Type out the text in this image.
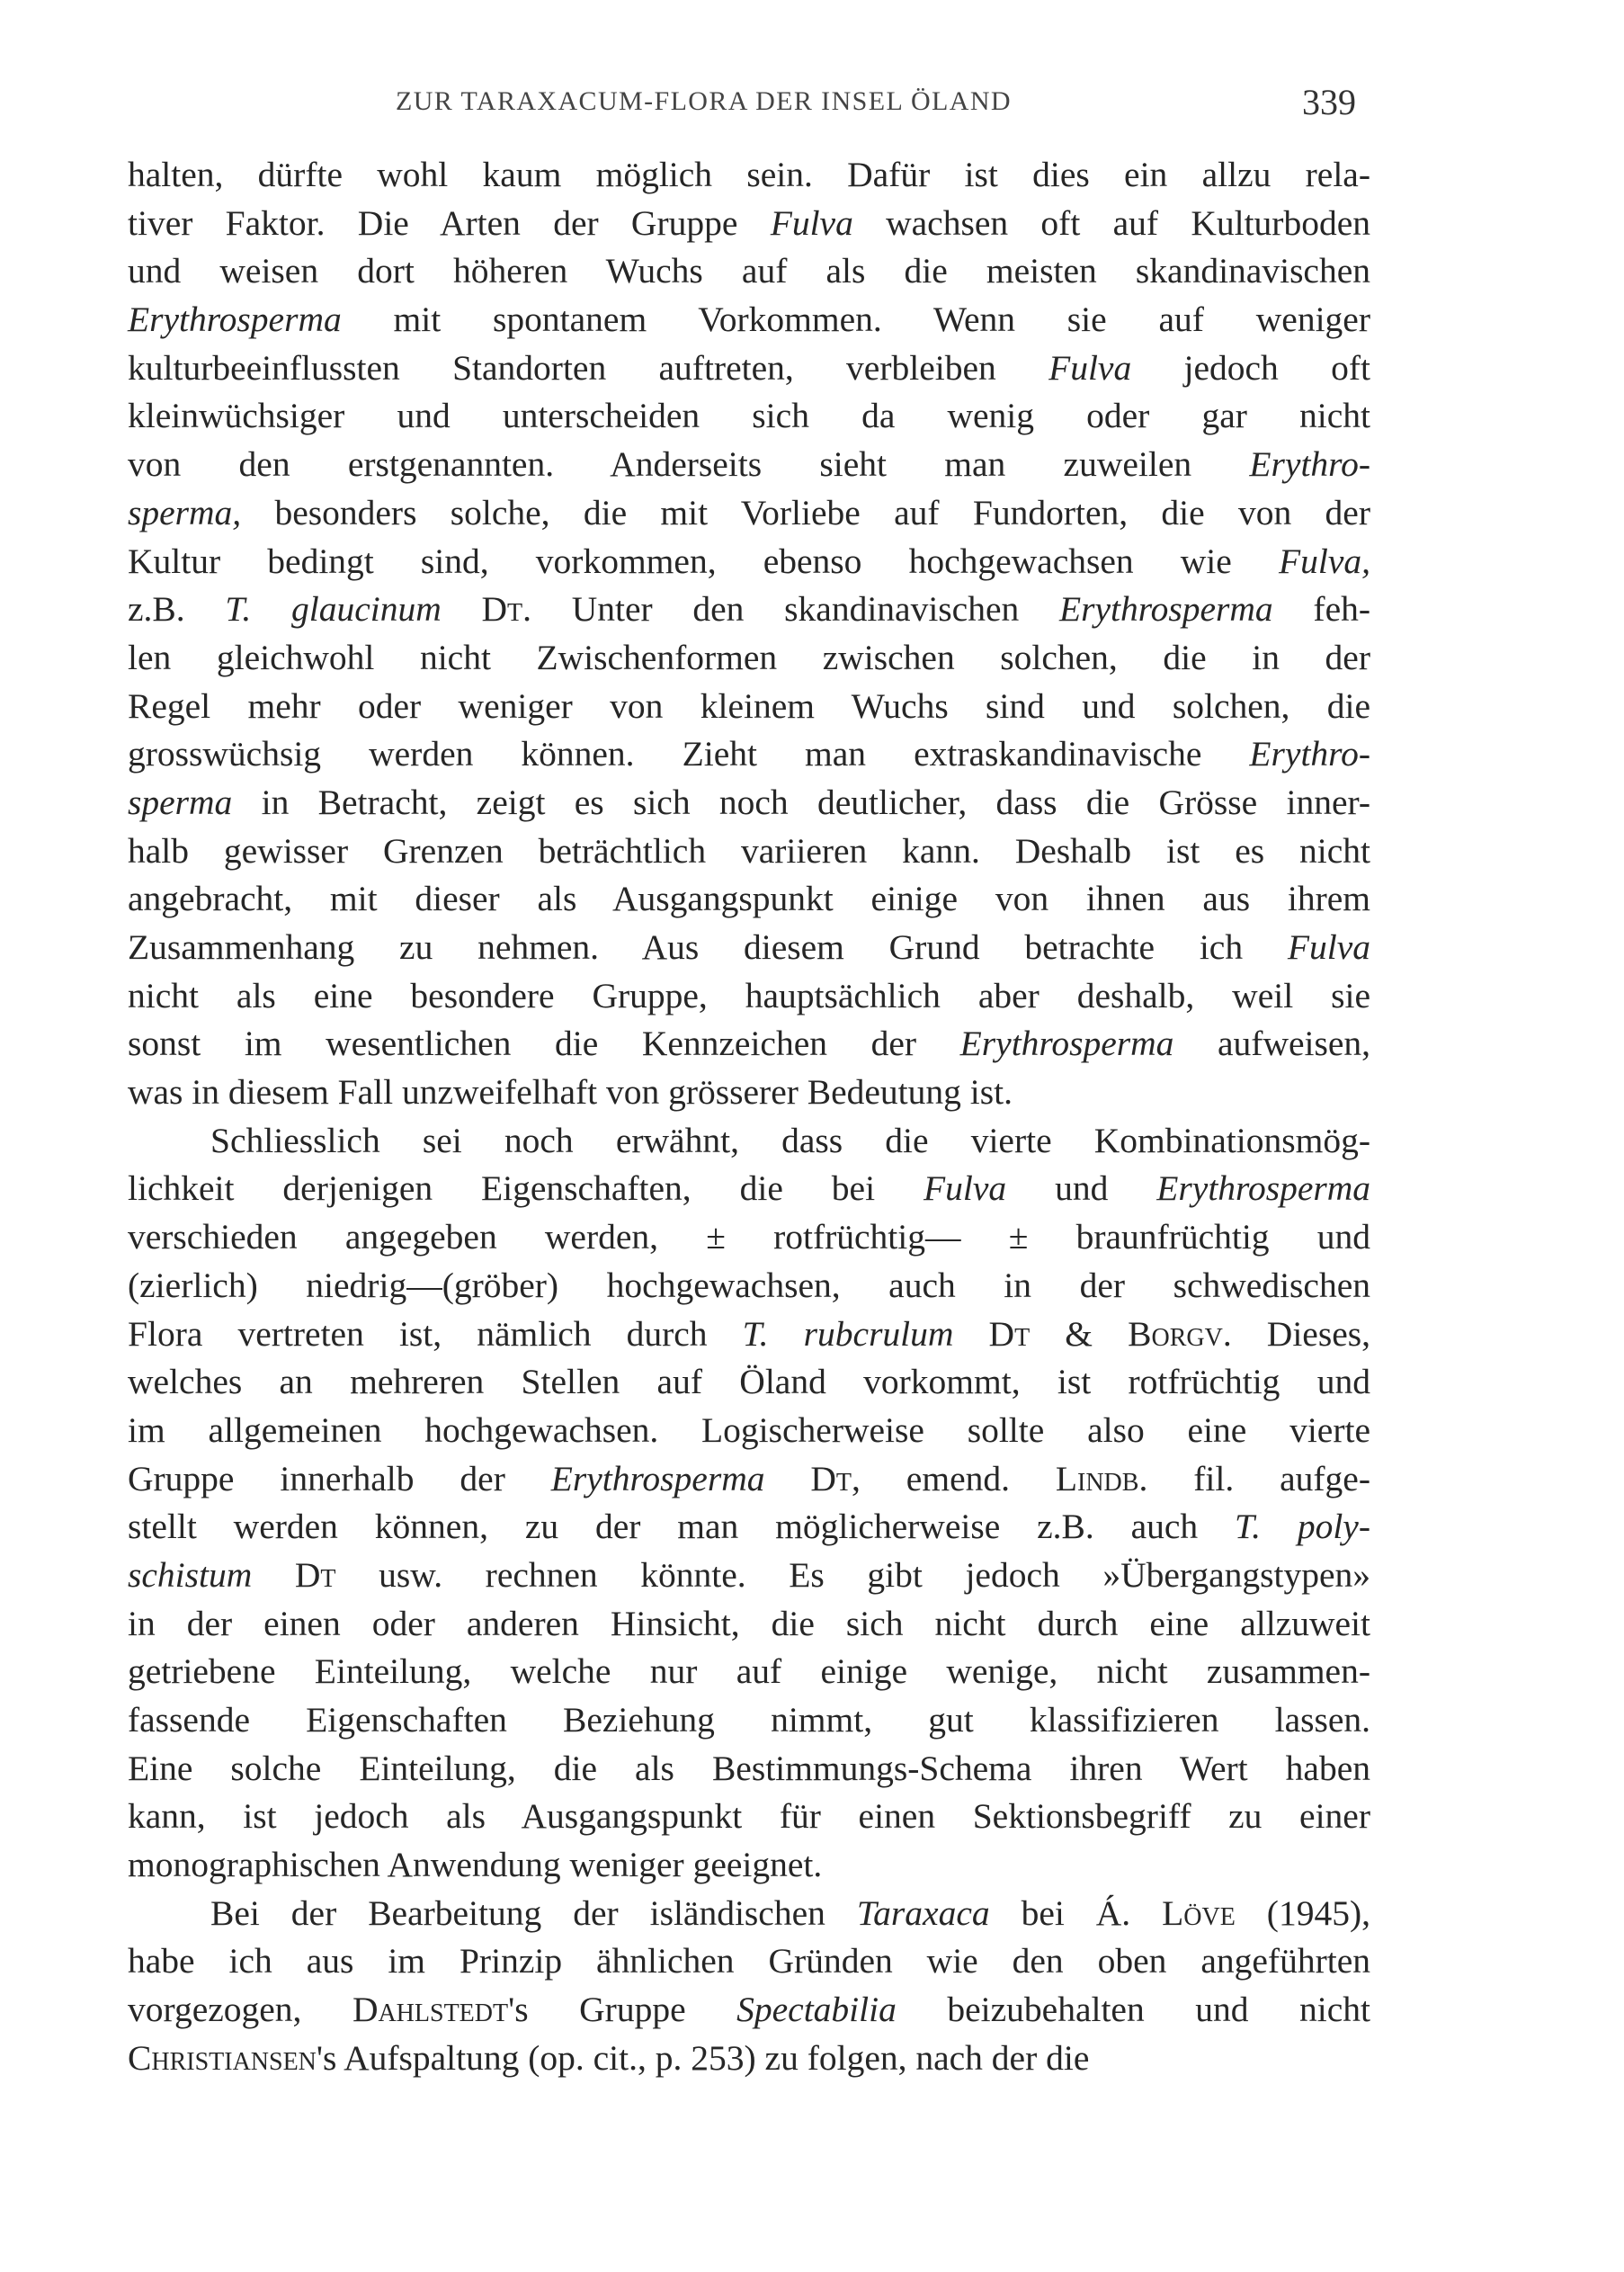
ZUR TARAXACUM-FLORA DER INSEL ÖLAND	339
halten, dürfte wohl kaum möglich sein. Dafür ist dies ein allzu rela-
tiver Faktor. Die Arten der Gruppe Fulva wachsen oft auf Kulturboden
und weisen dort höheren Wuchs auf als die meisten skandinavischen
Erythrosperma mit spontanem Vorkommen. Wenn sie auf weniger
kulturbeeinflussten Standorten auftreten, verbleiben Fulva jedoch oft
kleinwüchsiger und unterscheiden sich da wenig oder gar nicht
von den erstgenannten. Anderseits sieht man zuweilen Erythro-
sperma, besonders solche, die mit Vorliebe auf Fundorten, die von der
Kultur bedingt sind, vorkommen, ebenso hochgewachsen wie Fulva,
z.B. T. glaucinum Dt. Unter den skandinavischen Erythrosperma feh-
len gleichwohl nicht Zwischenformen zwischen solchen, die in der
Regel mehr oder weniger von kleinem Wuchs sind und solchen, die
grosswüchsig werden können. Zieht man extraskandinavische Erythro-
sperma in Betracht, zeigt es sich noch deutlicher, dass die Grösse inner-
halb gewisser Grenzen beträchtlich variieren kann. Deshalb ist es nicht
angebracht, mit dieser als Ausgangspunkt einige von ihnen aus ihrem
Zusammenhang zu nehmen. Aus diesem Grund betrachte ich Fulva
nicht als eine besondere Gruppe, hauptsächlich aber deshalb, weil sie
sonst im wesentlichen die Kennzeichen der Erythrosperma aufweisen,
was in diesem Fall unzweifelhaft von grösserer Bedeutung ist.
Schliesslich sei noch erwähnt, dass die vierte Kombinationsmög-
lichkeit derjenigen Eigenschaften, die bei Fulva und Erythrosperma
verschieden angegeben werden, ± rotfrüchtig— ± braunfrüchtig und
(zierlich) niedrig—(gröber) hochgewachsen, auch in der schwedischen
Flora vertreten ist, nämlich durch T. rubcrulum Dt & Borgv. Dieses,
welches an mehreren Stellen auf Öland vorkommt, ist rotfrüchtig und
im allgemeinen hochgewachsen. Logischerweise sollte also eine vierte
Gruppe innerhalb der Erythrosperma Dt, emend. Lindb. fil. aufge-
stellt werden können, zu der man möglicherweise z.B. auch T. poly-
schistum Dt usw. rechnen könnte. Es gibt jedoch »Übergangstypen»
in der einen oder anderen Hinsicht, die sich nicht durch eine allzuweit
getriebene Einteilung, welche nur auf einige wenige, nicht zusammen-
fassende Eigenschaften Beziehung nimmt, gut klassifizieren lassen.
Eine solche Einteilung, die als Bestimmungs-Schema ihren Wert haben
kann, ist jedoch als Ausgangspunkt für einen Sektionsbegriff zu einer
monographischen Anwendung weniger geeignet.
Bei der Bearbeitung der isländischen Taraxaca bei Á. Löve (1945),
habe ich aus im Prinzip ähnlichen Gründen wie den oben angeführten
vorgezogen, Dahlstedt's Gruppe Spectabilia beizubehalten und nicht
Christiansen's Aufspaltung (op. cit., p. 253) zu folgen, nach der die
